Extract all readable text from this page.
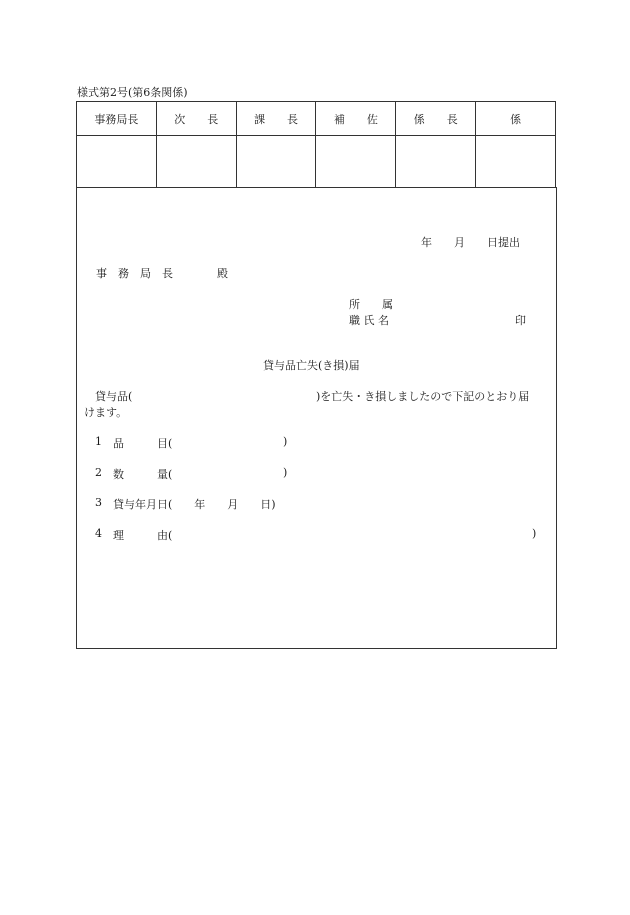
様式第2号(第6条関係)
事務局長	次　　長	課　　長	補　　佐	係　　長	係

年　　月　　日提出
事　務　局　長　　　　殿
所　　属
職 氏 名	印
貸与品亡失(き損)届
貸与品(	)を亡失・き損しましたので下記のとおり届
けます。
1 品　　　目(	)
2 数　　　量(	)
3 貸与年月日(　　年　　月　　日)
4 理　　　由(	)
